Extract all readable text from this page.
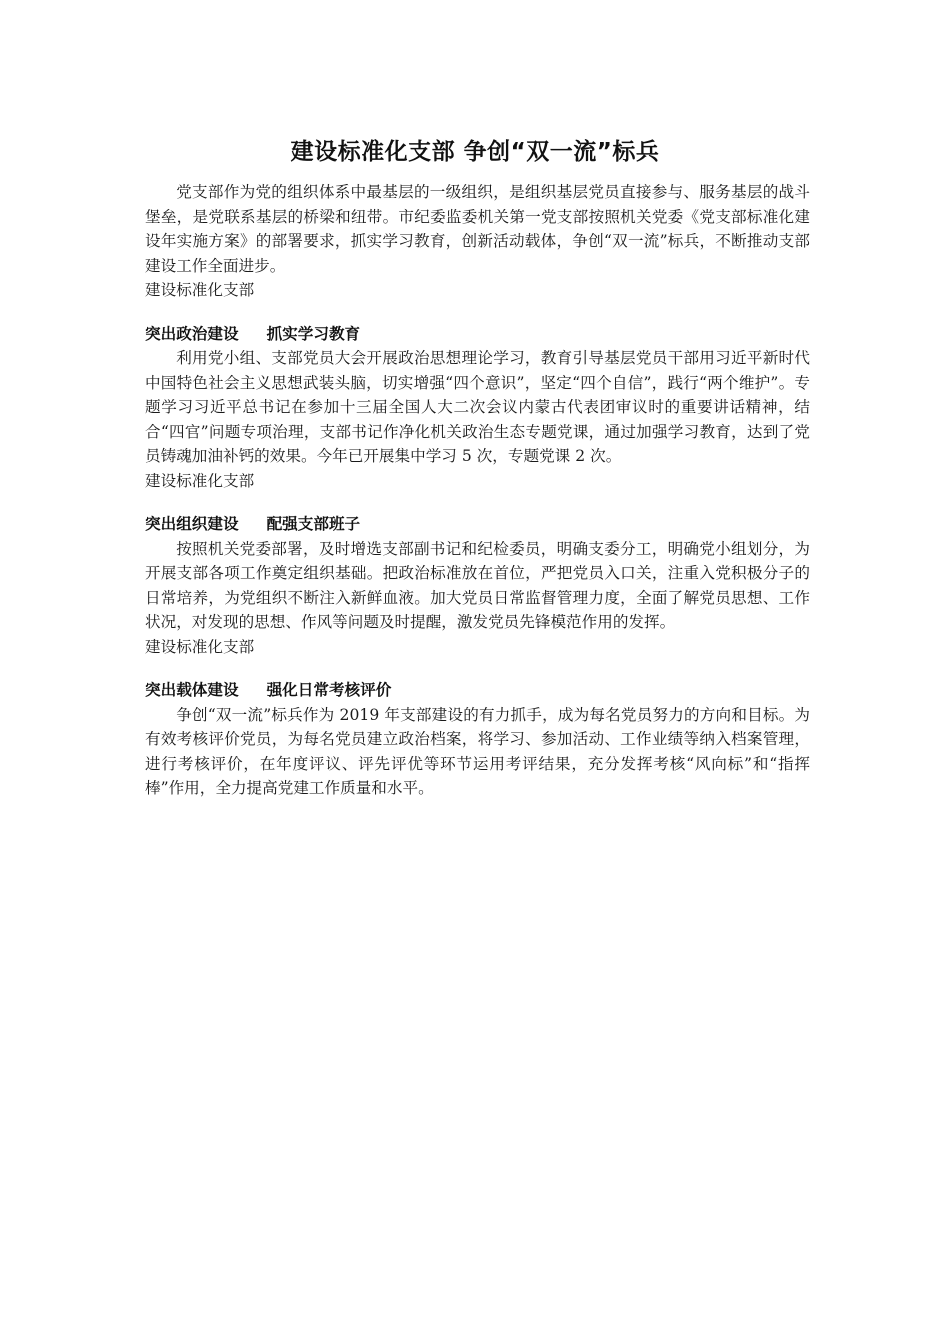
建设标准化支部 争创“双一流”标兵

党支部作为党的组织体系中最基层的一级组织，是组织基层党员直接参与、服务基层的战斗堡垒，是党联系基层的桥梁和纽带。市纪委监委机关第一党支部按照机关党委《党支部标准化建设年实施方案》的部署要求，抓实学习教育，创新活动载体，争创“双一流”标兵，不断推动支部建设工作全面进步。

建设标准化支部

突出政治建设 抓实学习教育

利用党小组、支部党员大会开展政治思想理论学习，教育引导基层党员干部用习近平新时代中国特色社会主义思想武装头脑，切实增强“四个意识”，坚定“四个自信”，践行“两个维护”。专题学习习近平总书记在参加十三届全国人大二次会议内蒙古代表团审议时的重要讲话精神，结合“四官”问题专项治理，支部书记作净化机关政治生态专题党课，通过加强学习教育，达到了党员铸魂加油补钙的效果。今年已开展集中学习 5 次，专题党课 2 次。

建设标准化支部

突出组织建设 配强支部班子

按照机关党委部署，及时增选支部副书记和纪检委员，明确支委分工，明确党小组划分，为开展支部各项工作奠定组织基础。把政治标准放在首位，严把党员入口关，注重入党积极分子的日常培养，为党组织不断注入新鲜血液。加大党员日常监督管理力度，全面了解党员思想、工作状况，对发现的思想、作风等问题及时提醒，激发党员先锋模范作用的发挥。

建设标准化支部

突出载体建设 强化日常考核评价

争创“双一流”标兵作为 2019 年支部建设的有力抓手，成为每名党员努力的方向和目标。为有效考核评价党员，为每名党员建立政治档案，将学习、参加活动、工作业绩等纳入档案管理，进行考核评价，在年度评议、评先评优等环节运用考评结果，充分发挥考核“风向标”和“指挥棒”作用，全力提高党建工作质量和水平。
